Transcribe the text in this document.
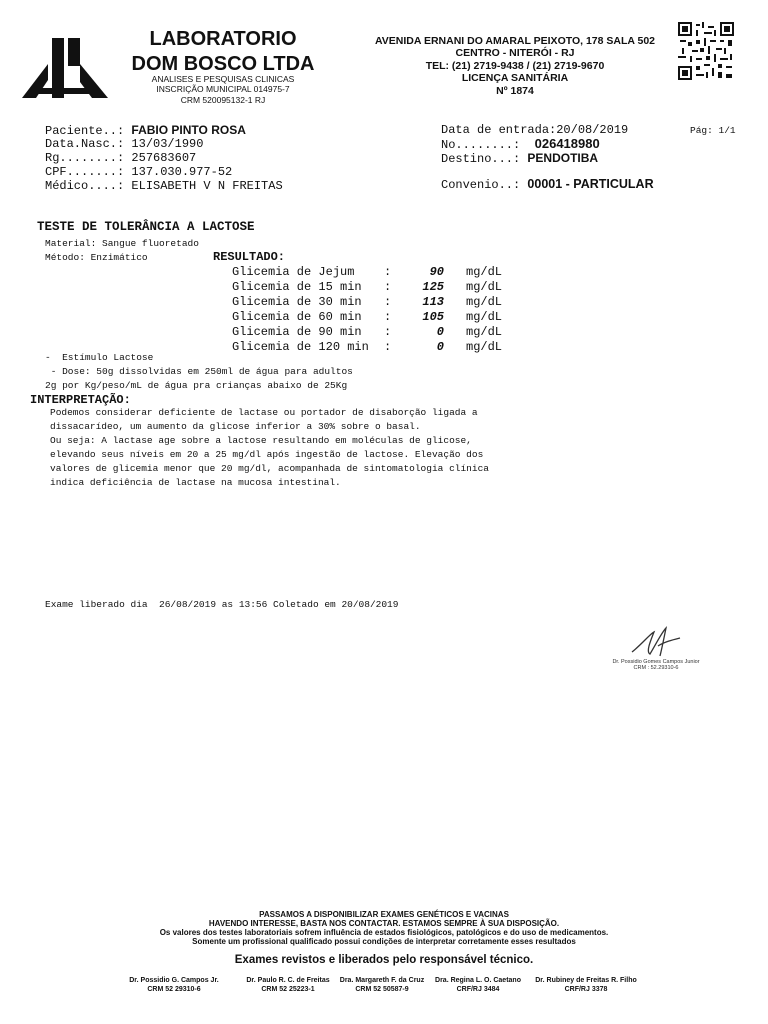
LABORATORIO
DOM BOSCO LTDA
ANALISES E PESQUISAS CLINICAS
INSCRIÇÃO MUNICIPAL 014975-7
CRM 520095132-1 RJ
AVENIDA ERNANI DO AMARAL PEIXOTO, 178 SALA 502
CENTRO - NITERÓI - RJ
TEL: (21) 2719-9438 / (21) 2719-9670
LICENÇA SANITÁRIA
Nº 1874
Paciente..: FABIO PINTO ROSA
Data.Nasc.: 13/03/1990
Rg........: 257683607
CPF.......: 137.030.977-52
Médico....: ELISABETH V N FREITAS
Data de entrada:20/08/2019	Pág: 1/1
No........: 026418980
Destino...: PENDOTIBA
Convenio..: 00001 - PARTICULAR
TESTE DE TOLERÂNCIA A LACTOSE
Material: Sangue fluoretado
Método: Enzimático	RESULTADO:
Glicemia de Jejum :	90 mg/dL
Glicemia de 15 min :	125 mg/dL
Glicemia de 30 min :	113 mg/dL
Glicemia de 60 min :	105 mg/dL
Glicemia de 90 min :	0 mg/dL
Glicemia de 120 min :	0 mg/dL
-  Estímulo Lactose
- Dose: 50g dissolvidas em 250ml de água para adultos
2g por Kg/peso/mL de água pra crianças abaixo de 25Kg
INTERPRETAÇÃO:
Podemos considerar deficiente de lactase ou portador de disaborção ligada a
dissacarídeo, um aumento da glicose inferior a 30% sobre o basal.
Ou seja: A lactase age sobre a lactose resultando em moléculas de glicose,
elevando seus níveis em 20 a 25 mg/dl após ingestão de lactose. Elevação dos
valores de glicemia menor que 20 mg/dl, acompanhada de sintomatologia clínica
indica deficiência de lactase na mucosa intestinal.
Exame liberado dia  26/08/2019 as 13:56 Coletado em 20/08/2019
Dr. Possidio Gomes Campos Junior
CRM : 52.29310-6
PASSAMOS A DISPONIBILIZAR EXAMES GENÉTICOS E VACINAS
HAVENDO INTERESSE, BASTA NOS CONTACTAR. ESTAMOS SEMPRE À SUA DISPOSIÇÃO.
Os valores dos testes laboratoriais sofrem influência de estados fisiológicos, patológicos e do uso de medicamentos.
Somente um profissional qualificado possui condições de interpretar corretamente esses resultados
Exames revistos e liberados pelo responsável técnico.
Dr. Possidio G. Campos Jr.
CRM 52 29310-6
Dr. Paulo R. C. de Freitas
CRM 52 25223-1
Dra. Margareth F. da Cruz
CRM 52 50587-9
Dra. Regina L. O. Caetano
CRF/RJ 3484
Dr. Rubiney de Freitas R. Filho
CRF/RJ 3378
